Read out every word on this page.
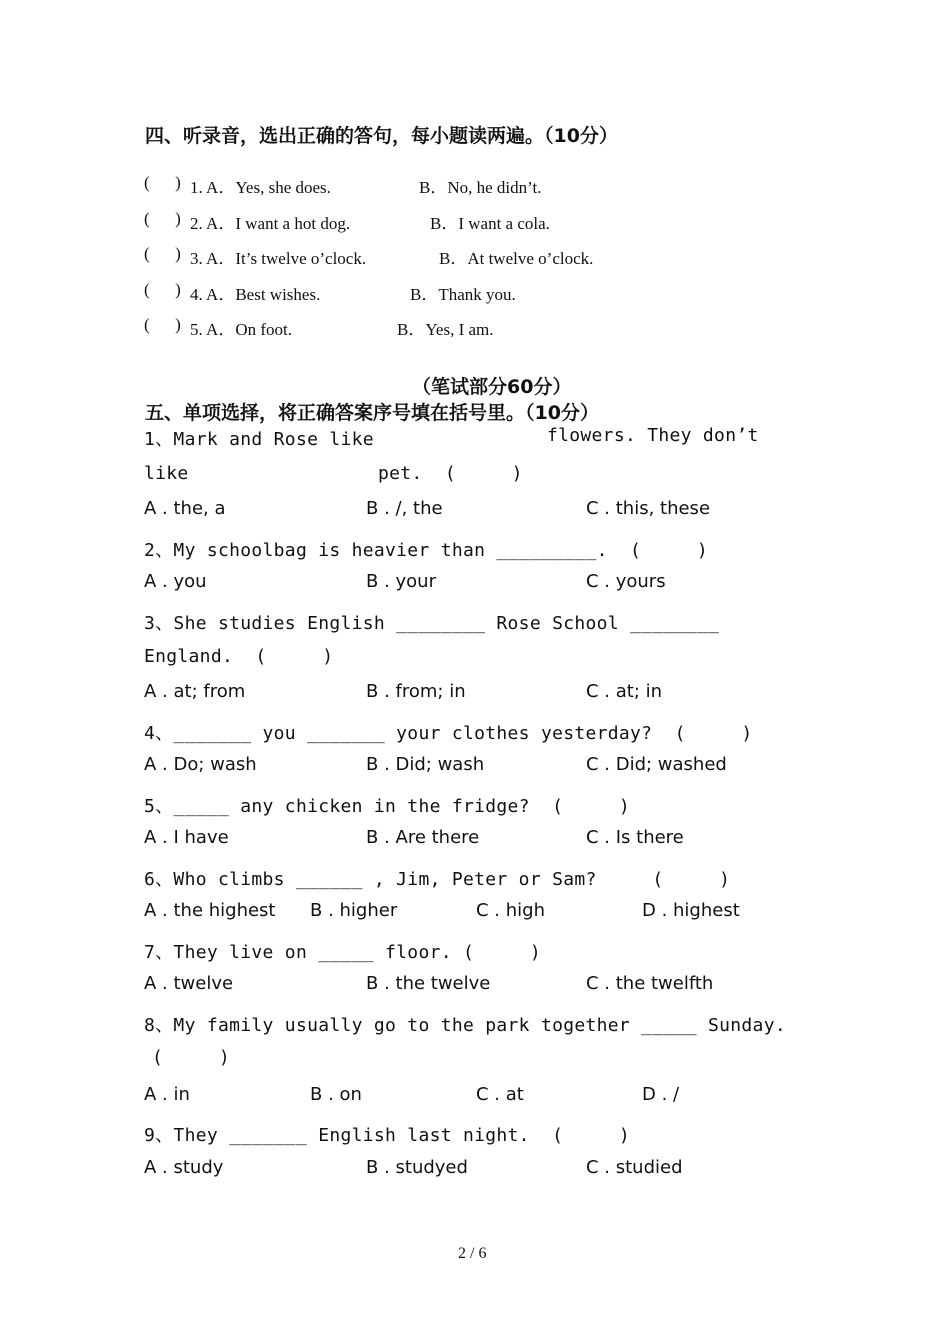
四、听录音，选出正确的答句，每小题读两遍。（10分）
(      ) 1. A．Yes, she does.	B．No, he didn’t.
(      ) 2. A．I want a hot dog.	B．I want a cola.
(      ) 3. A．It’s twelve o’clock.	B．At twelve o’clock.
(      ) 4. A．Best wishes.	B．Thank you.
(      ) 5. A．On foot.	B．Yes, I am.
（笔试部分60分）
五、单项选择，将正确答案序号填在括号里。（10分）
1、Mark and Rose like	flowers. They don’t
like	pet.  (     )
A . the, a	B . /, the	C . this, these
2、My schoolbag is heavier than _________.  (     )
A . you	B . your	C . yours
3、She studies English ________ Rose School ________
England.  (     )
A . at; from	B . from; in	C . at; in
4、_______ you _______ your clothes yesterday?  (     )
A . Do; wash	B . Did; wash	C . Did; washed
5、_____ any chicken in the fridge?  (     )
A . I have	B . Are there	C . Is there
6、Who climbs ______ , Jim, Peter or Sam?     (     )
A . the highest B . higher	C . high	D . highest
7、They live on _____ floor. (     )
A . twelve	B . the twelve	C . the twelfth
8、My family usually go to the park together _____ Sunday.
(     )
A . in	B . on	C . at	D . /
9、They _______ English last night.  (     )
A . study	B . studyed	C . studied
2 / 6
